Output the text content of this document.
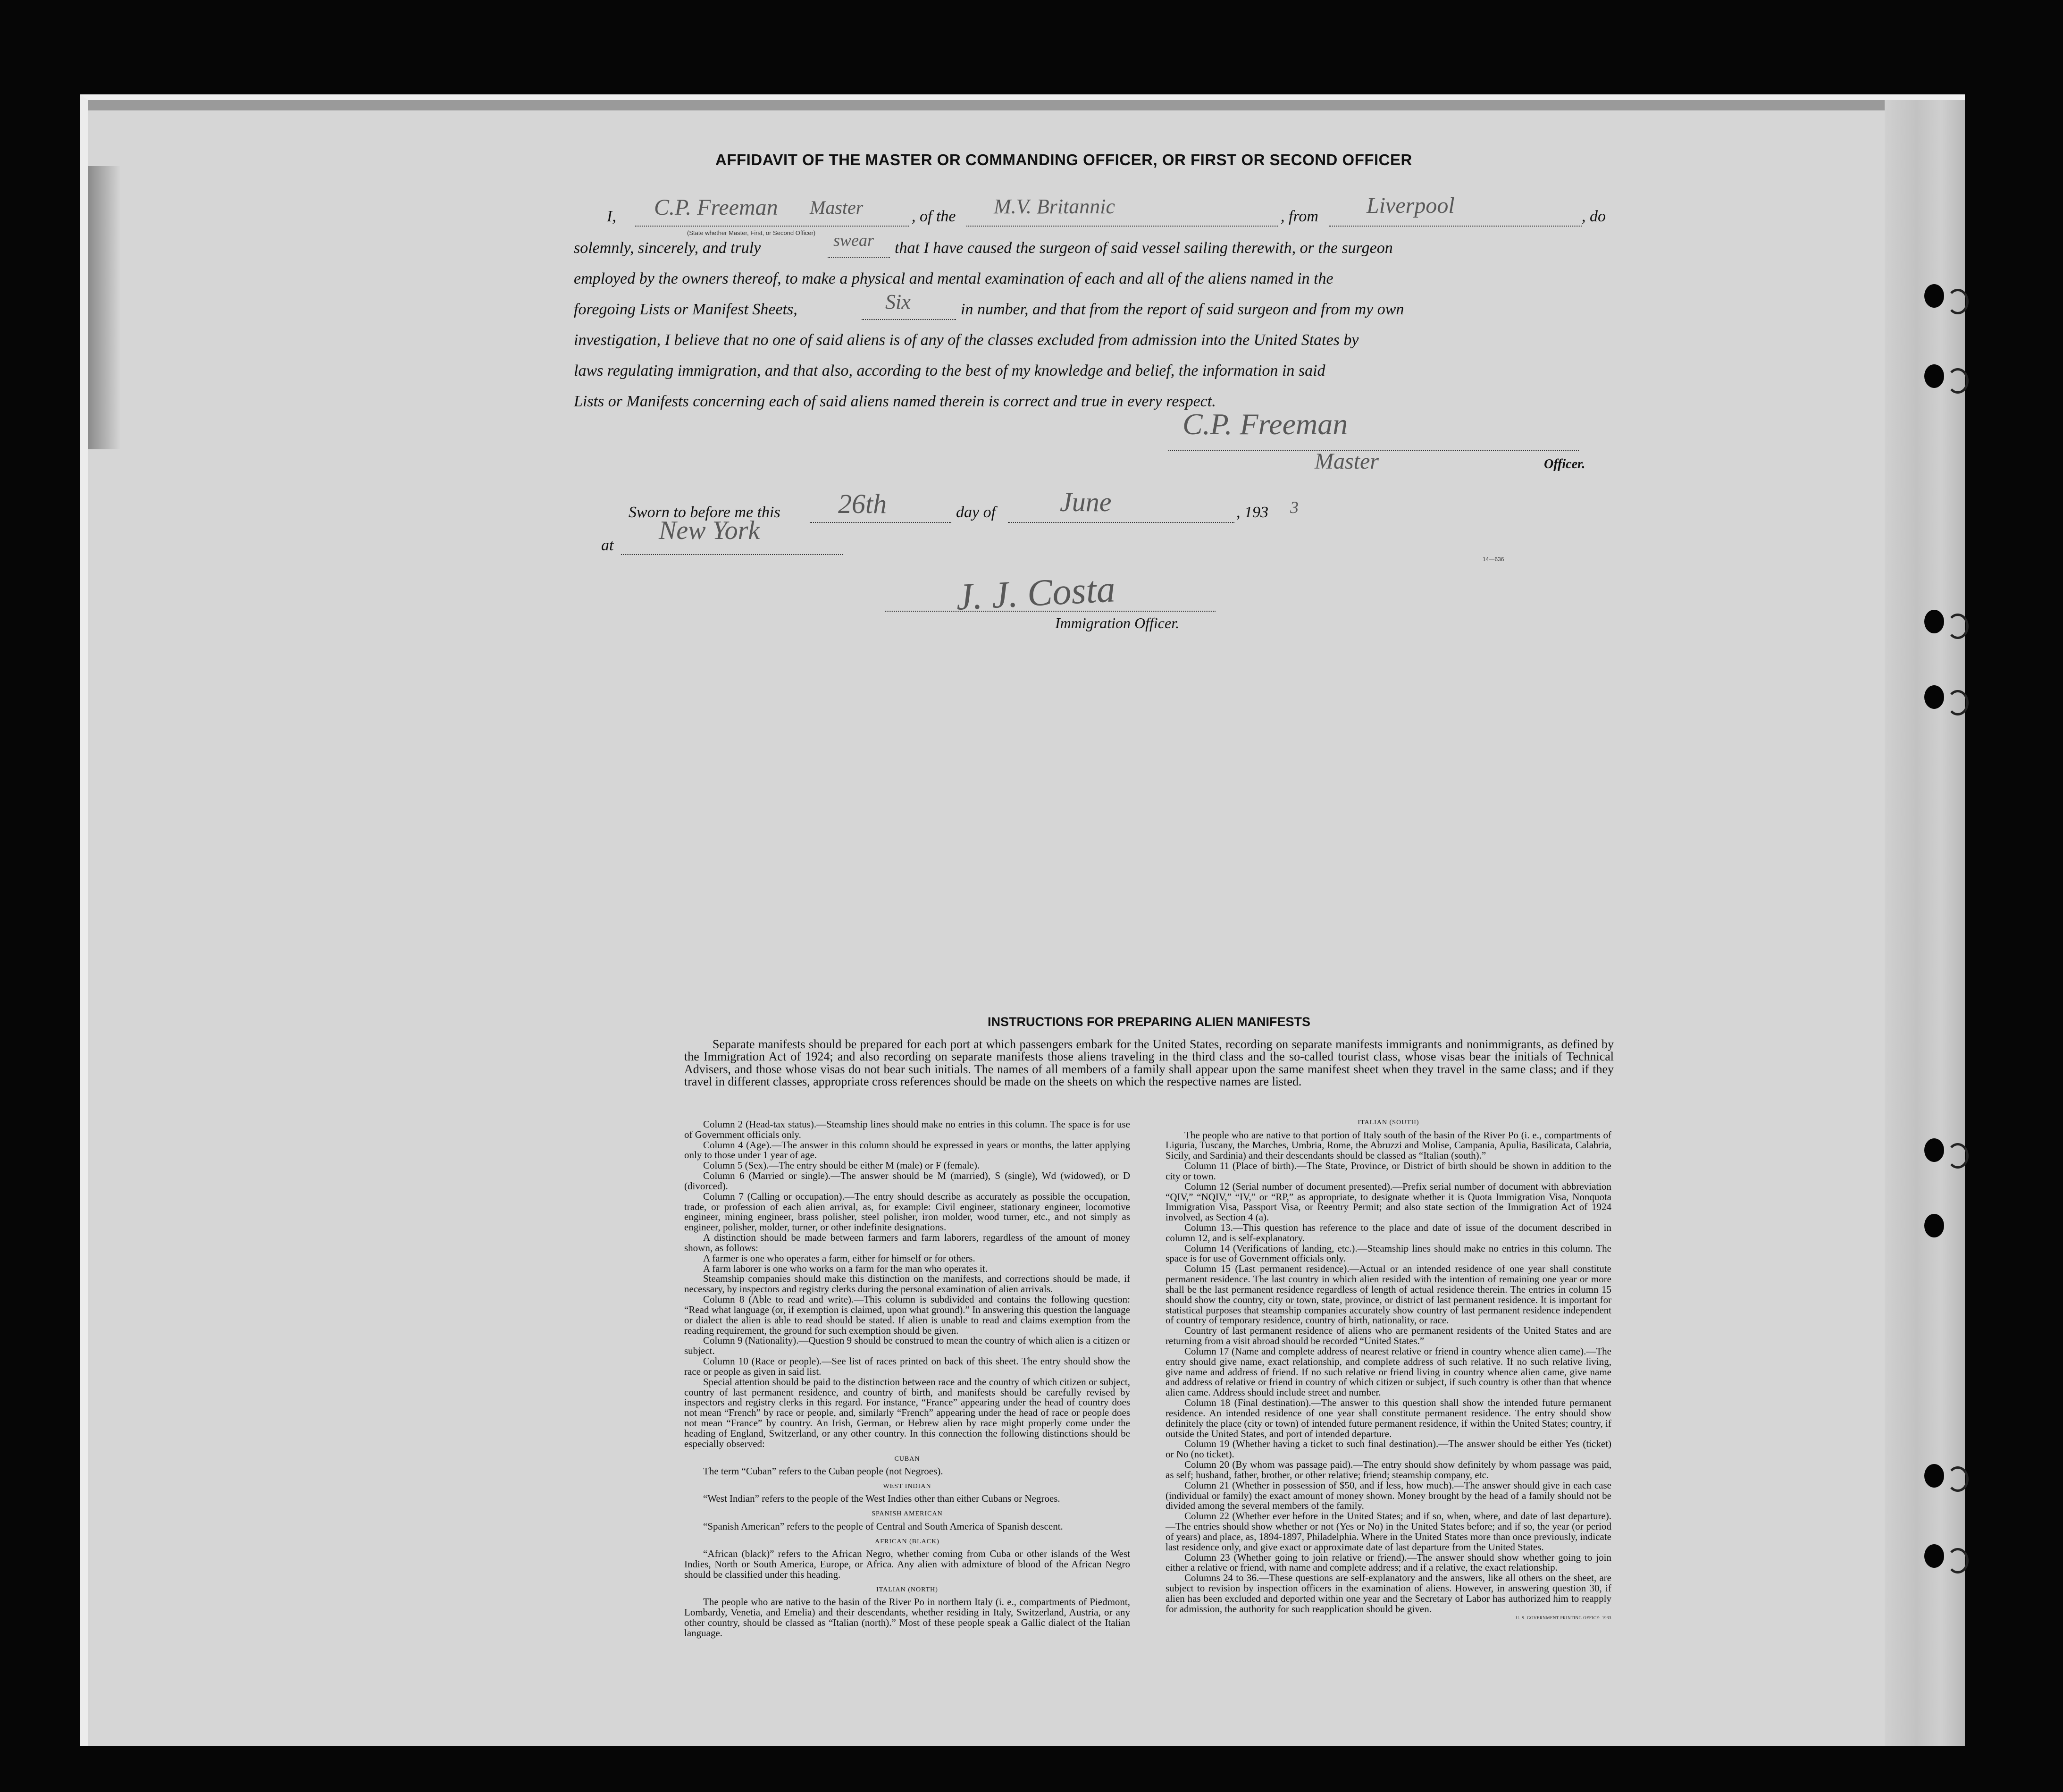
AFFIDAVIT OF THE MASTER OR COMMANDING OFFICER, OR FIRST OR SECOND OFFICER
I, C.P. Freeman Master
(State whether Master, First, or Second Officer)
, of the M.V. Britannic	, from Liverpool	, do
solemnly, sincerely, and truly	swear that I have caused the surgeon of said vessel sailing therewith, or the surgeon
employed by the owners thereof, to make a physical and mental examination of each and all of the aliens named in the
foregoing Lists or Manifest Sheets,	Six	in number, and that from the report of said surgeon and from my own
investigation, I believe that no one of said aliens is of any of the classes excluded from admission into the United States by
laws regulating immigration, and that also, according to the best of my knowledge and belief, the information in said
Lists or Manifests concerning each of said aliens named therein is correct and true in every respect.
C.P. Freeman
Master	Officer.
Sworn to before me this 26th	day of June	, 193 3
at
New York
J. J. Costa
Immigration Officer.
14—636
INSTRUCTIONS FOR PREPARING ALIEN MANIFESTS

Separate manifests should be prepared for each port at which passengers embark for the United States, recording on separate manifests immigrants and nonimmigrants, as defined by the Immigration Act of 1924; and also recording on separate manifests those aliens traveling in the third class and the so-called tourist class, whose visas bear the initials of Technical Advisers, and those whose visas do not bear such initials. The names of all members of a family shall appear upon the same manifest sheet when they travel in the same class; and if they travel in different classes, appropriate cross references should be made on the sheets on which the respective names are listed.

Column 2 (Head-tax status).—Steamship lines should make no entries in this column. The space is for use of Government officials only.

Column 4 (Age).—The answer in this column should be expressed in years or months, the latter applying only to those under 1 year of age.

Column 5 (Sex).—The entry should be either M (male) or F (female).

Column 6 (Married or single).—The answer should be M (married), S (single), Wd (widowed), or D (divorced).

Column 7 (Calling or occupation).—The entry should describe as accurately as possible the occupation, trade, or profession of each alien arrival, as, for example: Civil engineer, stationary engineer, locomotive engineer, mining engineer, brass polisher, steel polisher, iron molder, wood turner, etc., and not simply as engineer, polisher, molder, turner, or other indefinite designations.

A distinction should be made between farmers and farm laborers, regardless of the amount of money shown, as follows:

A farmer is one who operates a farm, either for himself or for others.

A farm laborer is one who works on a farm for the man who operates it.

Steamship companies should make this distinction on the manifests, and corrections should be made, if necessary, by inspectors and registry clerks during the personal examination of alien arrivals.

Column 8 (Able to read and write).—This column is subdivided and contains the following question: “Read what language (or, if exemption is claimed, upon what ground).” In answering this question the language or dialect the alien is able to read should be stated. If alien is unable to read and claims exemption from the reading requirement, the ground for such exemption should be given.

Column 9 (Nationality).—Question 9 should be construed to mean the country of which alien is a citizen or subject.

Column 10 (Race or people).—See list of races printed on back of this sheet. The entry should show the race or people as given in said list.

Special attention should be paid to the distinction between race and the country of which citizen or subject, country of last permanent residence, and country of birth, and manifests should be carefully revised by inspectors and registry clerks in this regard. For instance, “France” appearing under the head of country does not mean “French” by race or people, and, similarly “French” appearing under the head of race or people does not mean “France” by country. An Irish, German, or Hebrew alien by race might properly come under the heading of England, Switzerland, or any other country. In this connection the following distinctions should be especially observed:

CUBAN

The term “Cuban” refers to the Cuban people (not Negroes).

WEST INDIAN

“West Indian” refers to the people of the West Indies other than either Cubans or Negroes.

SPANISH AMERICAN

“Spanish American” refers to the people of Central and South America of Spanish descent.

AFRICAN (BLACK)

“African (black)” refers to the African Negro, whether coming from Cuba or other islands of the West Indies, North or South America, Europe, or Africa. Any alien with admixture of blood of the African Negro should be classified under this heading.

ITALIAN (NORTH)

The people who are native to the basin of the River Po in northern Italy (i. e., compartments of Piedmont, Lombardy, Venetia, and Emelia) and their descendants, whether residing in Italy, Switzerland, Austria, or any other country, should be classed as “Italian (north).” Most of these people speak a Gallic dialect of the Italian language.

ITALIAN (SOUTH)

The people who are native to that portion of Italy south of the basin of the River Po (i. e., compartments of Liguria, Tuscany, the Marches, Umbria, Rome, the Abruzzi and Molise, Campania, Apulia, Basilicata, Calabria, Sicily, and Sardinia) and their descendants should be classed as “Italian (south).”

Column 11 (Place of birth).—The State, Province, or District of birth should be shown in addition to the city or town.

Column 12 (Serial number of document presented).—Prefix serial number of document with abbreviation “QIV,” “NQIV,” “IV,” or “RP,” as appropriate, to designate whether it is Quota Immigration Visa, Nonquota Immigration Visa, Passport Visa, or Reentry Permit; and also state section of the Immigration Act of 1924 involved, as Section 4 (a).

Column 13.—This question has reference to the place and date of issue of the document described in column 12, and is self-explanatory.

Column 14 (Verifications of landing, etc.).—Steamship lines should make no entries in this column. The space is for use of Government officials only.

Column 15 (Last permanent residence).—Actual or an intended residence of one year shall constitute permanent residence. The last country in which alien resided with the intention of remaining one year or more shall be the last permanent residence regardless of length of actual residence therein. The entries in column 15 should show the country, city or town, state, province, or district of last permanent residence. It is important for statistical purposes that steamship companies accurately show country of last permanent residence independent of country of temporary residence, country of birth, nationality, or race.

Country of last permanent residence of aliens who are permanent residents of the United States and are returning from a visit abroad should be recorded “United States.”

Column 17 (Name and complete address of nearest relative or friend in country whence alien came).—The entry should give name, exact relationship, and complete address of such relative. If no such relative living, give name and address of friend. If no such relative or friend living in country whence alien came, give name and address of relative or friend in country of which citizen or subject, if such country is other than that whence alien came. Address should include street and number.

Column 18 (Final destination).—The answer to this question shall show the intended future permanent residence. An intended residence of one year shall constitute permanent residence. The entry should show definitely the place (city or town) of intended future permanent residence, if within the United States; country, if outside the United States, and port of intended departure.

Column 19 (Whether having a ticket to such final destination).—The answer should be either Yes (ticket) or No (no ticket).

Column 20 (By whom was passage paid).—The entry should show definitely by whom passage was paid, as self; husband, father, brother, or other relative; friend; steamship company, etc.

Column 21 (Whether in possession of $50, and if less, how much).—The answer should give in each case (individual or family) the exact amount of money shown. Money brought by the head of a family should not be divided among the several members of the family.

Column 22 (Whether ever before in the United States; and if so, when, where, and date of last departure).—The entries should show whether or not (Yes or No) in the United States before; and if so, the year (or period of years) and place, as, 1894-1897, Philadelphia. Where in the United States more than once previously, indicate last residence only, and give exact or approximate date of last departure from the United States.

Column 23 (Whether going to join relative or friend).—The answer should show whether going to join either a relative or friend, with name and complete address; and if a relative, the exact relationship.

Columns 24 to 36.—These questions are self-explanatory and the answers, like all others on the sheet, are subject to revision by inspection officers in the examination of aliens. However, in answering question 30, if alien has been excluded and deported within one year and the Secretary of Labor has authorized him to reapply for admission, the authority for such reapplication should be given.

U. S. GOVERNMENT PRINTING OFFICE: 1933
